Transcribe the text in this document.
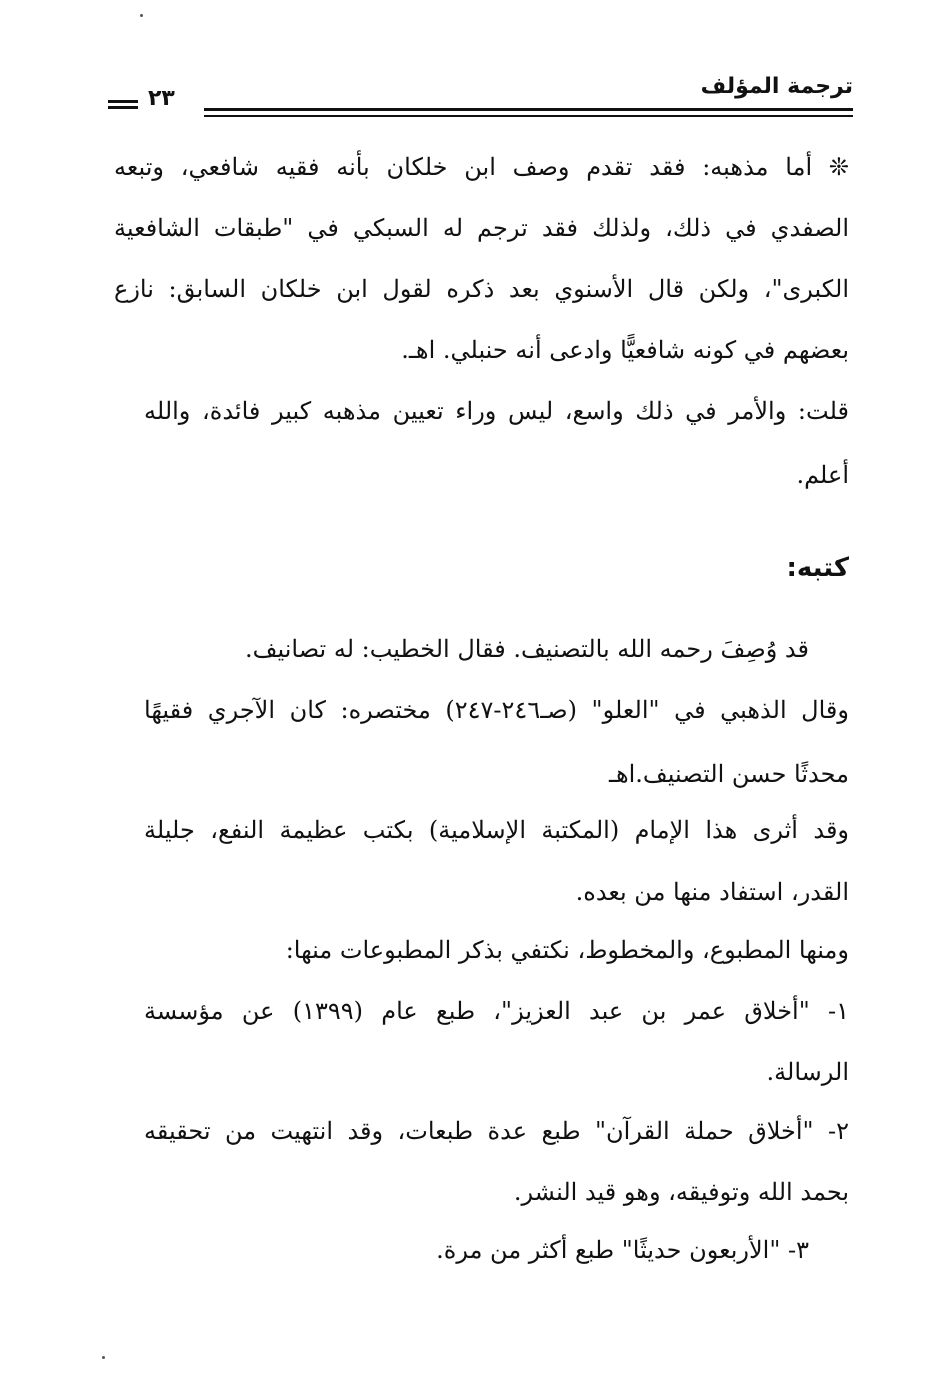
ترجمة المؤلف
٢٣
❊ أما مذهبه: فقد تقدم وصف ابن خلكان بأنه فقيه شافعي، وتبعه
الصفدي في ذلك، ولذلك فقد ترجم له السبكي في "طبقات الشافعية
الكبرى"، ولكن قال الأسنوي بعد ذكره لقول ابن خلكان السابق: نازع
بعضهم في كونه شافعيًّا وادعى أنه حنبلي. اهـ.
قلت: والأمر في ذلك واسع، ليس وراء تعيين مذهبه كبير فائدة، والله
أعلم.
كتبه:
قد وُصِفَ رحمه الله بالتصنيف. فقال الخطيب: له تصانيف.
وقال الذهبي في "العلو" (صـ٢٤٦-٢٤٧) مختصره: كان الآجري فقيهًا
محدثًا حسن التصنيف.اهـ
وقد أثرى هذا الإمام (المكتبة الإسلامية) بكتب عظيمة النفع، جليلة
القدر، استفاد منها من بعده.
ومنها المطبوع، والمخطوط، نكتفي بذكر المطبوعات منها:
١- "أخلاق عمر بن عبد العزيز"، طبع عام (١٣٩٩) عن مؤسسة
الرسالة.
٢- "أخلاق حملة القرآن" طبع عدة طبعات، وقد انتهيت من تحقيقه
بحمد الله وتوفيقه، وهو قيد النشر.
٣- "الأربعون حديثًا" طبع أكثر من مرة.
